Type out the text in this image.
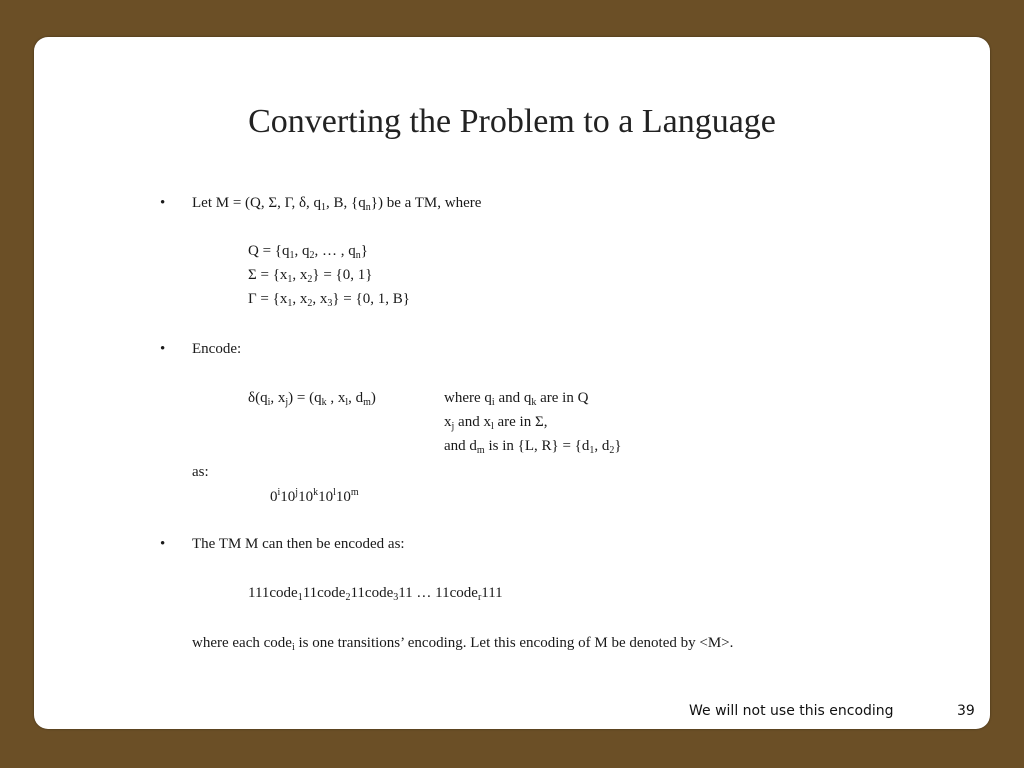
Converting the Problem to a Language
• Let M = (Q, Σ, Γ, δ, $q_1$, B, $\{q_n\}$) be a TM, where
$Q = \{q_1$, $q_2$, … , $q_n$}
$\Sigma = \{x_1$, $x_2\} = \{0$, 1}
$\Gamma = \{x_1$, $x_2$, $x_3\} = \{0$, 1, B}
• Encode:
$\delta(q_i$, $x_j) = (q_k$ , $x_l$, $d_m$)	where $q_i$ and $q_k$ are in Q
$x_j$ and $x_l$ are in Σ,
and $d_m$ is in {L, $R\} = \{d_1$, $d_2$}
as:
0$^i$10$^j$10$^k$10$^l$10$^m$
• The TM M can then be encoded as:
111code$_1$11code$_2$11code$_3$11 … 11code$_r$111
where each code$_i$ is one transitions’ encoding. Let this encoding of M be denoted by <M>.
We will not use this encoding	39
